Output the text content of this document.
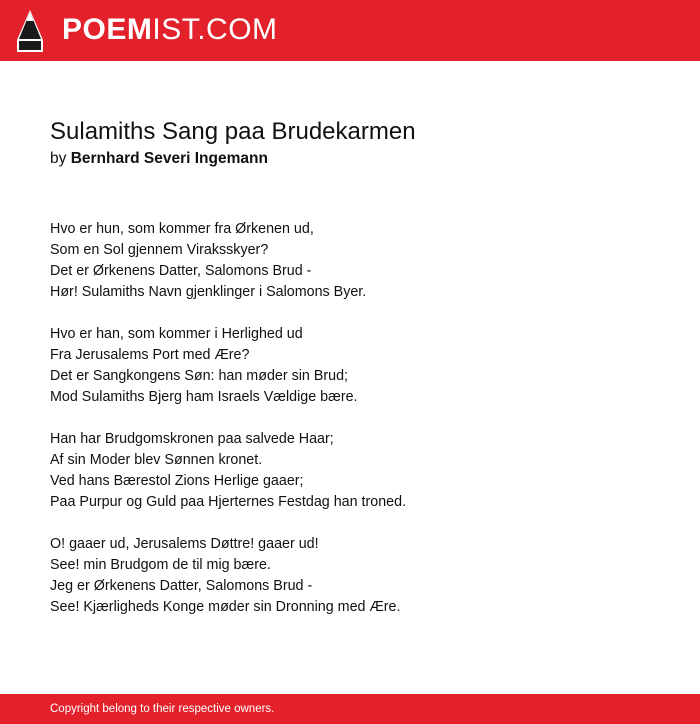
POEMIST.COM
Sulamiths Sang paa Brudekarmen
by Bernhard Severi Ingemann
Hvo er hun, som kommer fra Ørkenen ud,
Som en Sol gjennem Viraksskyer?
Det er Ørkenens Datter, Salomons Brud -
Hør! Sulamiths Navn gjenklinger i Salomons Byer.
Hvo er han, som kommer i Herlighed ud
Fra Jerusalems Port med Ære?
Det er Sangkongens Søn: han møder sin Brud;
Mod Sulamiths Bjerg ham Israels Vældige bære.
Han har Brudgomskronen paa salvede Haar;
Af sin Moder blev Sønnen kronet.
Ved hans Bærestol Zions Herlige gaaer;
Paa Purpur og Guld paa Hjerternes Festdag han troned.
O! gaaer ud, Jerusalems Døttre! gaaer ud!
See! min Brudgom de til mig bære.
Jeg er Ørkenens Datter, Salomons Brud -
See! Kjærligheds Konge møder sin Dronning med Ære.
Copyright belong to their respective owners.
